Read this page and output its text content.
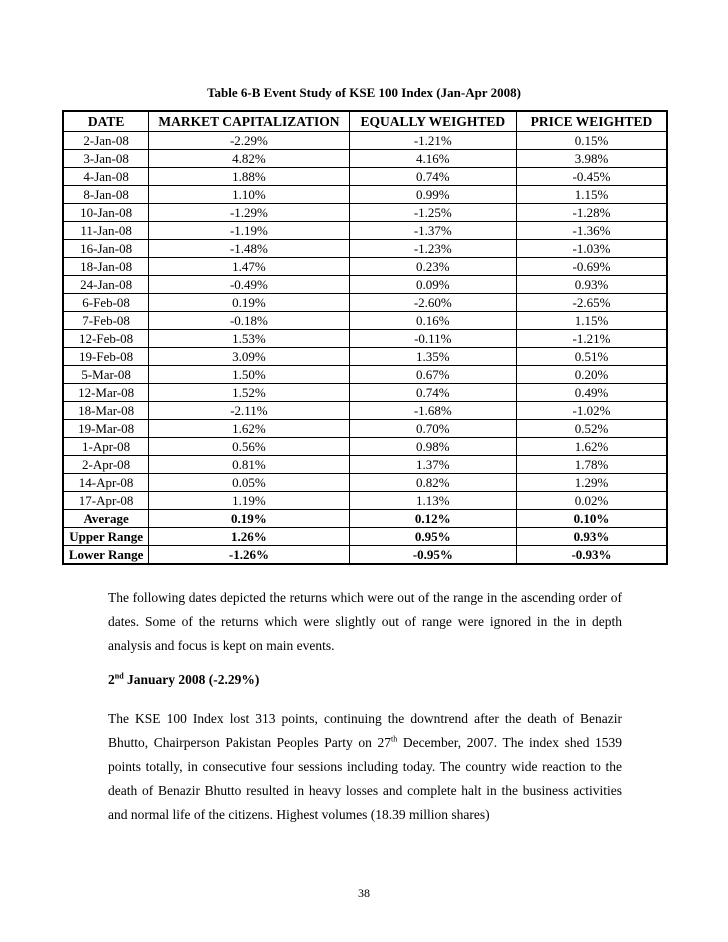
Table 6-B Event Study of KSE 100 Index (Jan-Apr 2008)
DATE	MARKET CAPITALIZATION	EQUALLY WEIGHTED	PRICE WEIGHTED
2-Jan-08	-2.29%	-1.21%	0.15%
3-Jan-08	4.82%	4.16%	3.98%
4-Jan-08	1.88%	0.74%	-0.45%
8-Jan-08	1.10%	0.99%	1.15%
10-Jan-08	-1.29%	-1.25%	-1.28%
11-Jan-08	-1.19%	-1.37%	-1.36%
16-Jan-08	-1.48%	-1.23%	-1.03%
18-Jan-08	1.47%	0.23%	-0.69%
24-Jan-08	-0.49%	0.09%	0.93%
6-Feb-08	0.19%	-2.60%	-2.65%
7-Feb-08	-0.18%	0.16%	1.15%
12-Feb-08	1.53%	-0.11%	-1.21%
19-Feb-08	3.09%	1.35%	0.51%
5-Mar-08	1.50%	0.67%	0.20%
12-Mar-08	1.52%	0.74%	0.49%
18-Mar-08	-2.11%	-1.68%	-1.02%
19-Mar-08	1.62%	0.70%	0.52%
1-Apr-08	0.56%	0.98%	1.62%
2-Apr-08	0.81%	1.37%	1.78%
14-Apr-08	0.05%	0.82%	1.29%
17-Apr-08	1.19%	1.13%	0.02%
Average	0.19%	0.12%	0.10%
Upper Range	1.26%	0.95%	0.93%
Lower Range	-1.26%	-0.95%	-0.93%
The following dates depicted the returns which were out of the range in the ascending order of dates. Some of the returns which were slightly out of range were ignored in the in depth analysis and focus is kept on main events.
2nd January 2008 (-2.29%)
The KSE 100 Index lost 313 points, continuing the downtrend after the death of Benazir Bhutto, Chairperson Pakistan Peoples Party on 27th December, 2007. The index shed 1539 points totally, in consecutive four sessions including today. The country wide reaction to the death of Benazir Bhutto resulted in heavy losses and complete halt in the business activities and normal life of the citizens. Highest volumes (18.39 million shares)
38
